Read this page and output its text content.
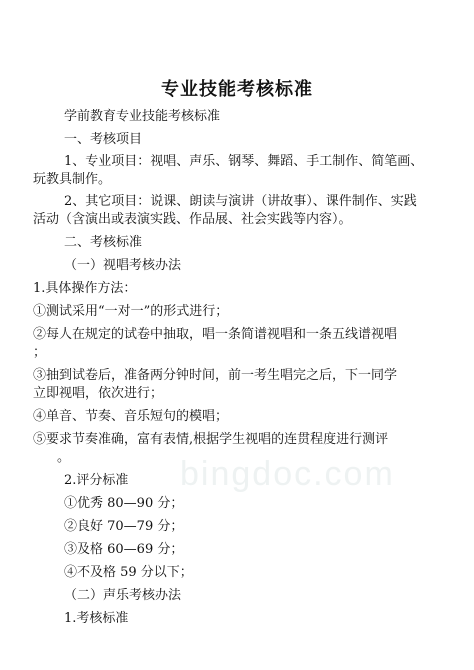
专业技能考核标准
学前教育专业技能考核标准
一、考核项目
1、专业项目：视唱、声乐、钢琴、舞蹈、手工制作、简笔画、
玩教具制作。
2、其它项目：说课、朗读与演讲（讲故事）、课件制作、实践
活动（含演出或表演实践、作品展、社会实践等内容）。
二、考核标准
（一）视唱考核办法
1.具体操作方法：
①测试采用“一对一”的形式进行；
②每人在规定的试卷中抽取，唱一条简谱视唱和一条五线谱视唱
；
③抽到试卷后，准备两分钟时间，前一考生唱完之后，下一同学
立即视唱，依次进行；
④单音、节奏、音乐短句的模唱；
⑤要求节奏准确，富有表情,根据学生视唱的连贯程度进行测评
。
2.评分标准
①优秀 80—90 分；
②良好 70—79 分；
③及格 60—69 分；
④不及格 59 分以下；
（二）声乐考核办法
1.考核标准
bingdoc.com
